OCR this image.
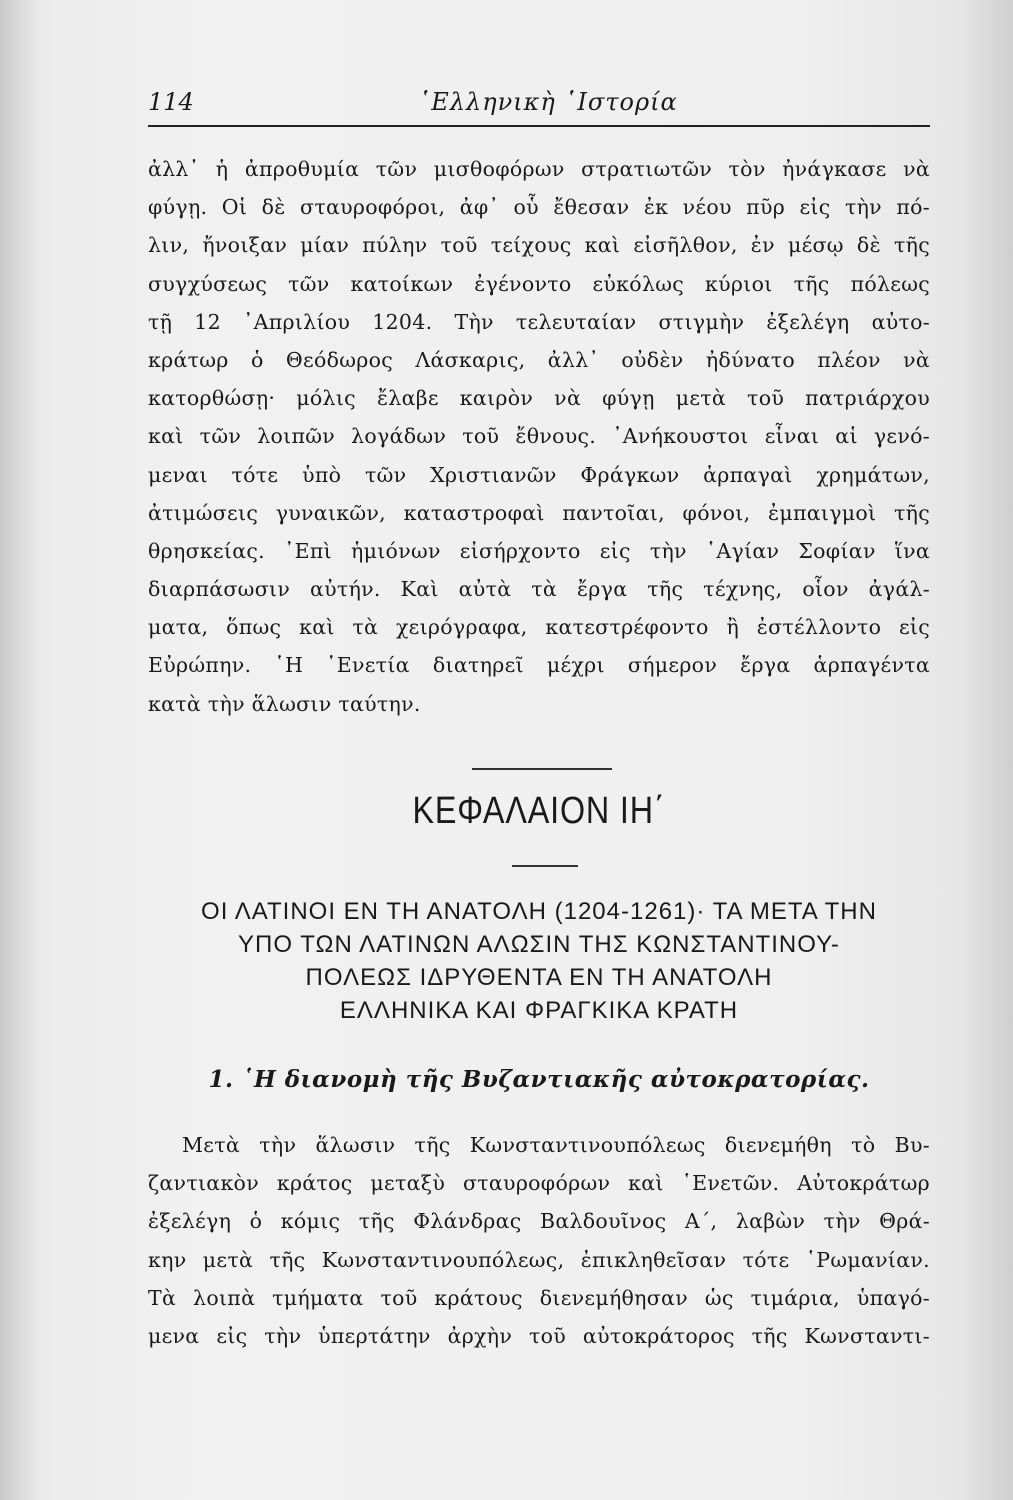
114	῾Ελληνικὴ ῾Ιστορία
ἀλλ᾽ ἡ ἀπροθυμία τῶν μισθοφόρων στρατιωτῶν τὸν ἠνάγκασε νὰ
φύγῃ. Οἱ δὲ σταυροφόροι, ἀφ᾽ οὗ ἔθεσαν ἐκ νέου πῦρ εἰς τὴν πό-
λιν, ἤνοιξαν μίαν πύλην τοῦ τείχους καὶ εἰσῆλθον, ἐν μέσῳ δὲ τῆς
συγχύσεως τῶν κατοίκων ἐγένοντο εὐκόλως κύριοι τῆς πόλεως
τῇ 12 ᾽Απριλίου 1204. Τὴν τελευταίαν στιγμὴν ἐξελέγη αὐτο-
κράτωρ ὁ Θεόδωρος Λάσκαρις, ἀλλ᾽ οὐδὲν ἠδύνατο πλέον νὰ
κατορθώσῃ· μόλις ἔλαβε καιρὸν νὰ φύγῃ μετὰ τοῦ πατριάρχου
καὶ τῶν λοιπῶν λογάδων τοῦ ἔθνους. ᾽Ανήκουστοι εἶναι αἱ γενό-
μεναι τότε ὑπὸ τῶν Χριστιανῶν Φράγκων ἁρπαγαὶ χρημάτων,
ἀτιμώσεις γυναικῶν, καταστροφαὶ παντοῖαι, φόνοι, ἐμπαιγμοὶ τῆς
θρησκείας. ᾽Επὶ ἡμιόνων εἰσήρχοντο εἰς τὴν ῾Αγίαν Σοφίαν ἵνα
διαρπάσωσιν αὐτήν. Καὶ αὐτὰ τὰ ἔργα τῆς τέχνης, οἷον ἀγάλ-
ματα, ὅπως καὶ τὰ χειρόγραφα, κατεστρέφοντο ἢ ἐστέλλοντο εἰς
Εὐρώπην. ῾Η ῾Ενετία διατηρεῖ μέχρι σήμερον ἔργα ἁρπαγέντα
κατὰ τὴν ἅλωσιν ταύτην.
ΚΕΦΑΛΑΙΟΝ ΙΗ΄
ΟΙ ΛΑΤΙΝΟΙ ΕΝ ΤΗ ΑΝΑΤΟΛΗ (1204-1261)· ΤΑ ΜΕΤΑ ΤΗΝ
ΥΠΟ ΤΩΝ ΛΑΤΙΝΩΝ ΑΛΩΣΙΝ ΤΗΣ ΚΩΝΣΤΑΝΤΙΝΟΥ-
ΠΟΛΕΩΣ ΙΔΡΥΘΕΝΤΑ ΕΝ ΤΗ ΑΝΑΤΟΛΗ
ΕΛΛΗΝΙΚΑ ΚΑΙ ΦΡΑΓΚΙΚΑ ΚΡΑΤΗ
1. ῾Η διανομὴ τῆς Βυζαντιακῆς αὐτοκρατορίας.
Μετὰ τὴν ἅλωσιν τῆς Κωνσταντινουπόλεως διενεμήθη τὸ Βυ-
ζαντιακὸν κράτος μεταξὺ σταυροφόρων καὶ ῾Ενετῶν. Αὐτοκράτωρ
ἐξελέγη ὁ κόμις τῆς Φλάνδρας Βαλδουῖνος Α΄, λαβὼν τὴν Θρά-
κην μετὰ τῆς Κωνσταντινουπόλεως, ἐπικληθεῖσαν τότε ῾Ρωμανίαν.
Τὰ λοιπὰ τμήματα τοῦ κράτους διενεμήθησαν ὡς τιμάρια, ὑπαγό-
μενα εἰς τὴν ὑπερτάτην ἀρχὴν τοῦ αὐτοκράτορος τῆς Κωνσταντι-
